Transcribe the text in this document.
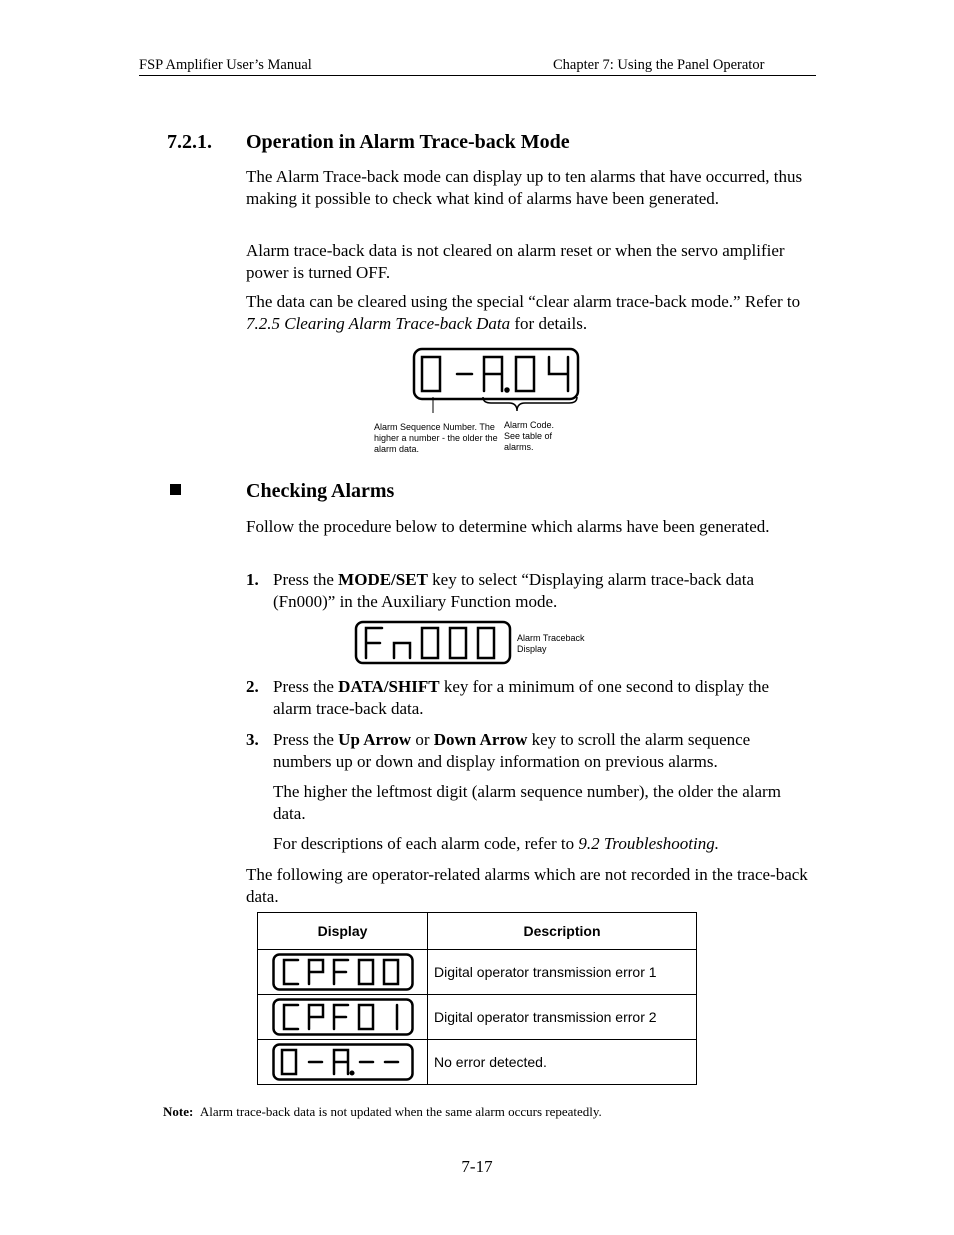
FSP Amplifier User’s Manual	Chapter 7: Using the Panel Operator
7.2.1. Operation in Alarm Trace-back Mode
The Alarm Trace-back mode can display up to ten alarms that have occurred, thus making it possible to check what kind of alarms have been generated.
Alarm trace-back data is not cleared on alarm reset or when the servo amplifier power is turned OFF.
The data can be cleared using the special “clear alarm trace-back mode.” Refer to 7.2.5 Clearing Alarm Trace-back Data for details.
Alarm Sequence Number. The higher a number - the older the alarm data.
Alarm Code. See table of alarms.
Checking Alarms
Follow the procedure below to determine which alarms have been generated.
1. Press the MODE/SET key to select “Displaying alarm trace-back data (Fn000)” in the Auxiliary Function mode.
Alarm Traceback Display
2. Press the DATA/SHIFT key for a minimum of one second to display the alarm trace-back data.
3. Press the Up Arrow or Down Arrow key to scroll the alarm sequence numbers up or down and display information on previous alarms.
The higher the leftmost digit (alarm sequence number), the older the alarm data.
For descriptions of each alarm code, refer to 9.2 Troubleshooting.
The following are operator-related alarms which are not recorded in the trace-back data.
Display	Description

	Digital operator transmission error 1

	Digital operator transmission error 2

	No error detected.
Note: Alarm trace-back data is not updated when the same alarm occurs repeatedly.
7-17
